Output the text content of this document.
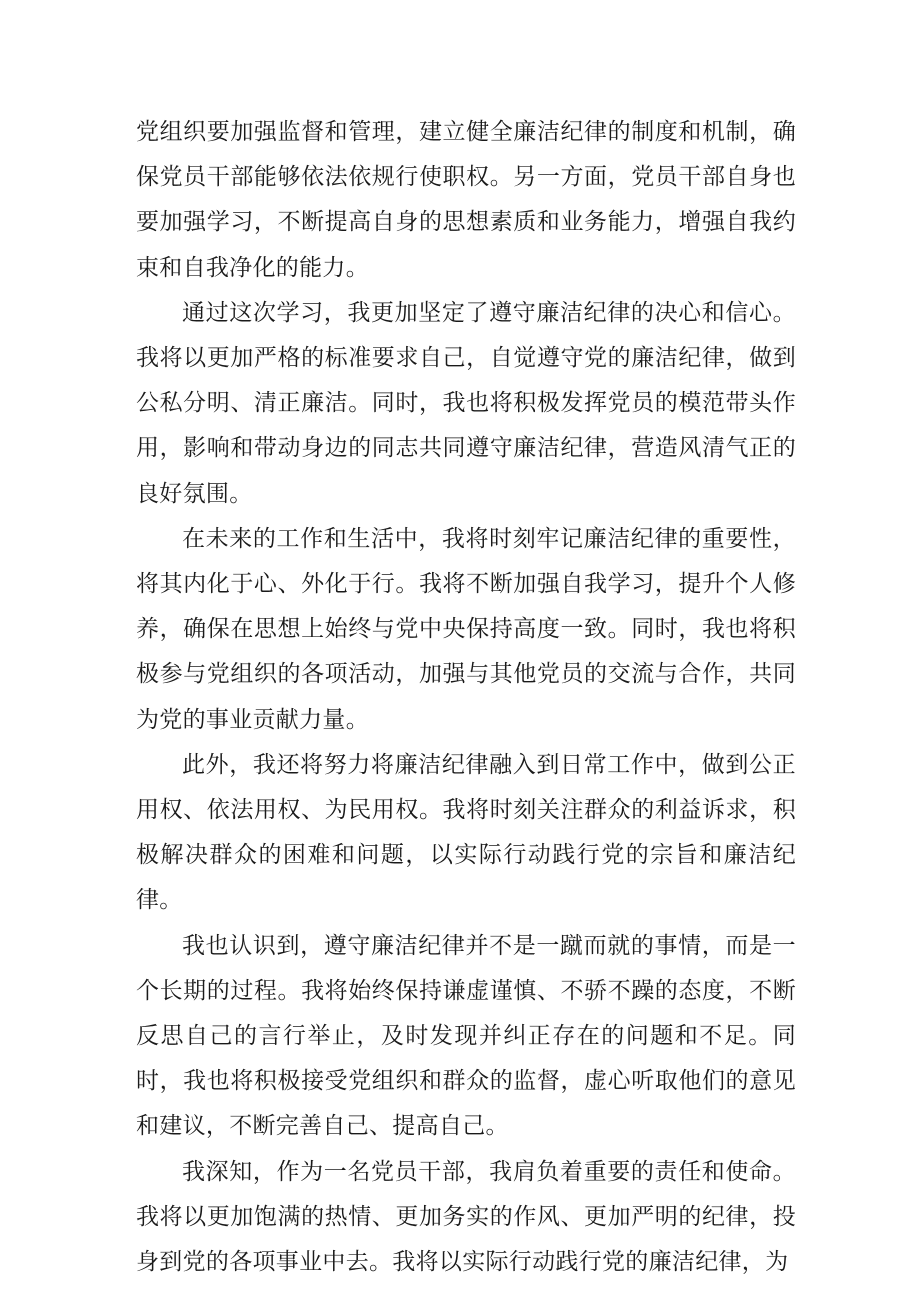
党组织要加强监督和管理，建立健全廉洁纪律的制度和机制，确保党员干部能够依法依规行使职权。另一方面，党员干部自身也要加强学习，不断提高自身的思想素质和业务能力，增强自我约束和自我净化的能力。

通过这次学习，我更加坚定了遵守廉洁纪律的决心和信心。我将以更加严格的标准要求自己，自觉遵守党的廉洁纪律，做到公私分明、清正廉洁。同时，我也将积极发挥党员的模范带头作用，影响和带动身边的同志共同遵守廉洁纪律，营造风清气正的良好氛围。

在未来的工作和生活中，我将时刻牢记廉洁纪律的重要性，将其内化于心、外化于行。我将不断加强自我学习，提升个人修养，确保在思想上始终与党中央保持高度一致。同时，我也将积极参与党组织的各项活动，加强与其他党员的交流与合作，共同为党的事业贡献力量。

此外，我还将努力将廉洁纪律融入到日常工作中，做到公正用权、依法用权、为民用权。我将时刻关注群众的利益诉求，积极解决群众的困难和问题，以实际行动践行党的宗旨和廉洁纪律。

我也认识到，遵守廉洁纪律并不是一蹴而就的事情，而是一个长期的过程。我将始终保持谦虚谨慎、不骄不躁的态度，不断反思自己的言行举止，及时发现并纠正存在的问题和不足。同时，我也将积极接受党组织和群众的监督，虚心听取他们的意见和建议，不断完善自己、提高自己。

我深知，作为一名党员干部，我肩负着重要的责任和使命。我将以更加饱满的热情、更加务实的作风、更加严明的纪律，投身到党的各项事业中去。我将以实际行动践行党的廉洁纪律，为
